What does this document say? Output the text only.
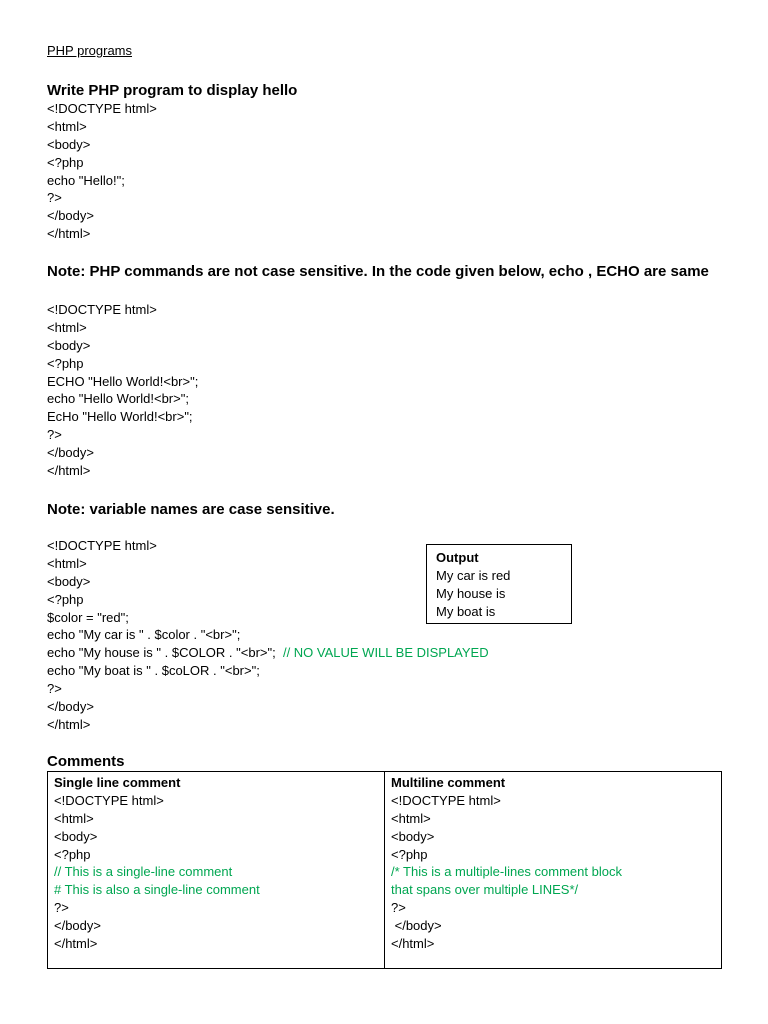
PHP programs

Write PHP program to display hello
<!DOCTYPE html>
<html>
<body>
<?php
echo "Hello!";
?>
</body>
</html>
Note: PHP commands are not case sensitive. In the code given below, echo , ECHO are same
<!DOCTYPE html>
<html>
<body>
<?php
ECHO "Hello World!<br>";
echo "Hello World!<br>";
EcHo "Hello World!<br>";
?>
</body>
</html>
Note: variable names are case sensitive.
<!DOCTYPE html>
<html>
<body>
<?php
$color = "red";
echo "My car is " . $color . "<br>";
echo "My house is " . $COLOR . "<br>";  // NO VALUE WILL BE DISPLAYED
echo "My boat is " . $coLOR . "<br>";
?>
</body>
</html>
Output
My car is red
My house is
My boat is
Comments
Single line comment
<!DOCTYPE html>
<html>
<body>
<?php
// This is a single-line comment
# This is also a single-line comment
?>
</body>
</html>
Multiline comment
<!DOCTYPE html>
<html>
<body>
<?php
/* This is a multiple-lines comment block
that spans over multiple LINES*/
?>
</body>
</html>
